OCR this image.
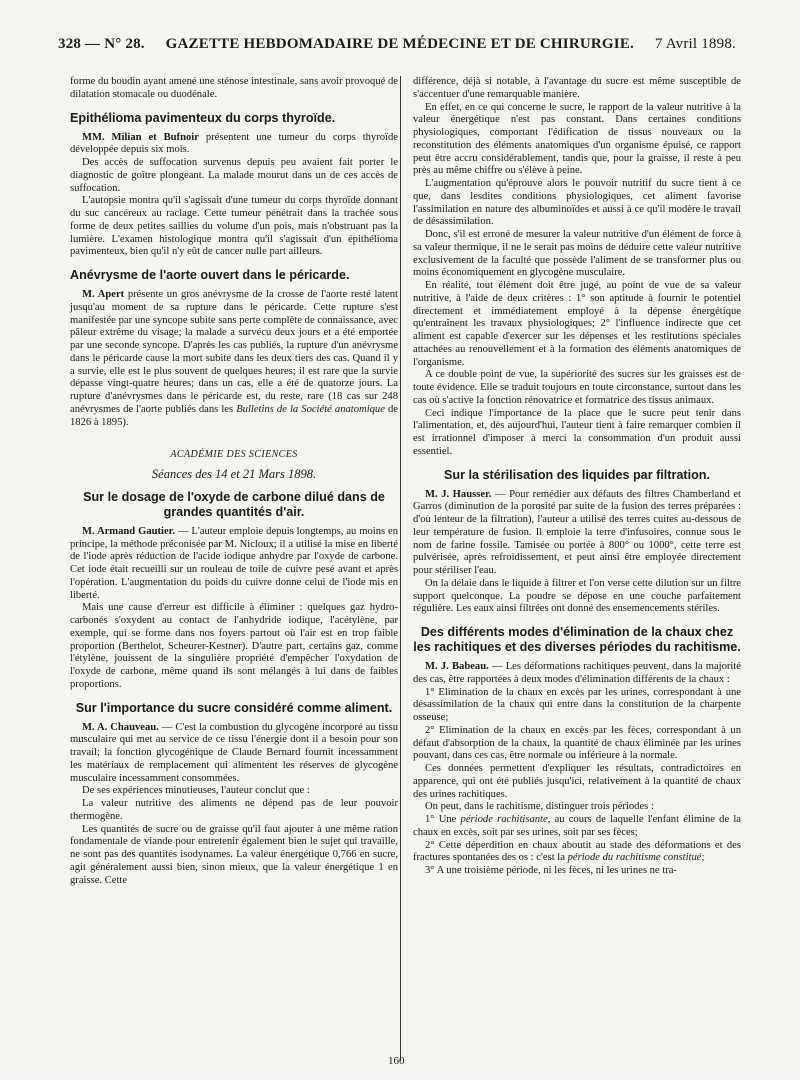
328 — N° 28. GAZETTE HEBDOMADAIRE DE MÉDECINE ET DE CHIRURGIE. 7 Avril 1898.

forme du boudin ayant amené une sténose intestinale, sans avoir provoqué de dilatation stomacale ou duodénale.

Epithélioma pavimenteux du corps thyroïde.

MM. Milian et Bufnoir présentent une tumeur du corps thyroïde développée depuis six mois.

Des accès de suffocation survenus depuis peu avaient fait porter le diagnostic de goître plongeant. La malade mourut dans un de ces accès de suffocation.

L'autopsie montra qu'il s'agissait d'une tumeur du corps thyroïde donnant du suc cancéreux au raclage. Cette tumeur pénétrait dans la trachée sous forme de deux petites saillies du volume d'un pois, mais n'obstruant pas la lumière. L'examen histologique montra qu'il s'agissait d'un épithélioma pavimenteux, bien qu'il n'y eût de cancer nulle part ailleurs.

Anévrysme de l'aorte ouvert dans le péricarde.

M. Apert présente un gros anévrysme de la crosse de l'aorte resté latent jusqu'au moment de sa rupture dans le péricarde. Cette rupture s'est manifestée par une syncope subite sans perte complète de connaissance, avec pâleur extrême du visage; la malade a survécu deux jours et a été emportée par une seconde syncope. D'après les cas publiés, la rupture d'un anévrysme dans le péricarde cause la mort subite dans les deux tiers des cas. Quand il y a survie, elle est le plus souvent de quelques heures; il est rare que la survie dépasse vingt-quatre heures; dans un cas, elle a été de quatorze jours. La rupture d'anévrysmes dans le péricarde est, du reste, rare (18 cas sur 248 anévrysmes de l'aorte publiés dans les Bulletins de la Société anatomique de 1826 à 1895).

ACADÉMIE DES SCIENCES
Séances des 14 et 21 Mars 1898.
Sur le dosage de l'oxyde de carbone dilué dans de grandes quantités d'air.

M. Armand Gautier. — L'auteur emploie depuis longtemps, au moins en principe, la méthode préconisée par M. Nicloux; il a utilisé la mise en liberté de l'iode après réduction de l'acide iodique anhydre par l'oxyde de carbone. Cet iode était recueilli sur un rouleau de toile de cuivre pesé avant et après l'opération. L'augmentation du poids du cuivre donne celui de l'iode mis en liberté.

Mais une cause d'erreur est difficile à éliminer : quelques gaz hydro-carbonés s'oxydent au contact de l'anhydride iodique, l'acétylène, par exemple, qui se forme dans nos foyers partout où l'air est en trop faible proportion (Berthelot, Scheurer-Kestner). D'autre part, certains gaz, comme l'étylène, jouissent de la singulière propriété d'empêcher l'oxydation de l'oxyde de carbone, même quand ils sont mélangés à lui dans de faibles proportions.

Sur l'importance du sucre considéré comme aliment.

M. A. Chauveau. — C'est la combustion du glycogène incorporé au tissu musculaire qui met au service de ce tissu l'énergie dont il a besoin pour son travail; la fonction glycogénique de Claude Bernard fournit incessamment les matériaux de remplacement qui alimentent les réserves de glycogène musculaire incessamment consommées.

De ses expériences minutieuses, l'auteur conclut que :

La valeur nutritive des aliments ne dépend pas de leur pouvoir thermogène.

Les quantités de sucre ou de graisse qu'il faut ajouter à une même ration fondamentale de viande pour entretenir également bien le sujet qui travaille, ne sont pas des quantités isodynames. La valeur énergétique 0,766 en sucre, agit généralement aussi bien, sinon mieux, que la valeur énergétique 1 en graisse. Cette

différence, déjà si notable, à l'avantage du sucre est même susceptible de s'accentuer d'une remarquable manière.

En effet, en ce qui concerne le sucre, le rapport de la valeur nutritive à la valeur énergétique n'est pas constant. Dans certaines conditions physiologiques, comportant l'édification de tissus nouveaux ou la reconstitution des éléments anatomiques d'un organisme épuisé, ce rapport peut être accru considérablement, tandis que, pour la graisse, il reste à peu près au même chiffre ou s'élève à peine.

L'augmentation qu'éprouve alors le pouvoir nutritif du sucre tient à ce que, dans lesdites conditions physiologiques, cet aliment favorise l'assimilation en nature des albuminoïdes et aussi à ce qu'il modère le travail de désassimilation.

Donc, s'il est erroné de mesurer la valeur nutritive d'un élément de force à sa valeur thermique, il ne le serait pas moins de déduire cette valeur nutritive exclusivement de la faculté que possède l'aliment de se transformer plus ou moins économiquement en glycogène musculaire.

En réalité, tout élément doit être jugé, au point de vue de sa valeur nutritive, à l'aide de deux critères : 1° son aptitude à fournir le potentiel directement et immédiatement employé à la dépense énergétique qu'entraînent les travaux physiologiques; 2° l'influence indirecte que cet aliment est capable d'exercer sur les dépenses et les restitutions spéciales attachées au renouvellement et à la formation des éléments anatomiques de l'organisme.

A ce double point de vue, la supériorité des sucres sur les graisses est de toute évidence. Elle se traduit toujours en toute circonstance, surtout dans les cas où s'active la fonction rénovatrice et formatrice des tissus animaux.

Ceci indique l'importance de la place que le sucre peut tenir dans l'alimentation, et, dès aujourd'hui, l'auteur tient à faire remarquer combien il est irrationnel d'imposer à merci la consommation d'un produit aussi essentiel.

Sur la stérilisation des liquides par filtration.

M. J. Hausser. — Pour remédier aux défauts des filtres Chamberland et Garros (diminution de la porosité par suite de la fusion des terres préparées : d'où lenteur de la filtration), l'auteur a utilisé des terres cuites au-dessous de leur température de fusion. Il emploie la terre d'infusoires, connue sous le nom de farine fossile. Tamisée ou portée à 800° ou 1000°, cette terre est pulvérisée, après refroidissement, et peut ainsi être employée directement pour stériliser l'eau.

On la délaie dans le liquide à filtrer et l'on verse cette dilution sur un filtre support quelconque. La poudre se dépose en une couche parfaitement régulière. Les eaux ainsi filtrées ont donné des ensemencements stériles.

Des différents modes d'élimination de la chaux chez les rachitiques et des diverses périodes du rachitisme.

M. J. Babeau. — Les déformations rachitiques peuvent, dans la majorité des cas, être rapportées à deux modes d'élimination différents de la chaux :

1° Elimination de la chaux en excès par les urines, correspondant à une désassimilation de la chaux qui entre dans la constitution de la charpente osseuse;

2° Elimination de la chaux en excès par les fèces, correspondant à un défaut d'absorption de la chaux, la quantité de chaux éliminée par les urines pouvant, dans ces cas, être normale ou inférieure à la normale.

Ces données permettent d'expliquer les résultats, contradictoires en apparence, qui ont été publiés jusqu'ici, relativement à la quantité de chaux des urines rachitiques.

On peut, dans le rachitisme, distinguer trois périodes :

1° Une période rachitisante, au cours de laquelle l'enfant élimine de la chaux en excès, soit par ses urines, soit par ses fèces;

2° Cette déperdition en chaux aboutit au stade des déformations et des fractures spontanées des os : c'est la période du rachitisme constitué;

3° A une troisième période, ni les fèces, ni les urines ne tra-

160
